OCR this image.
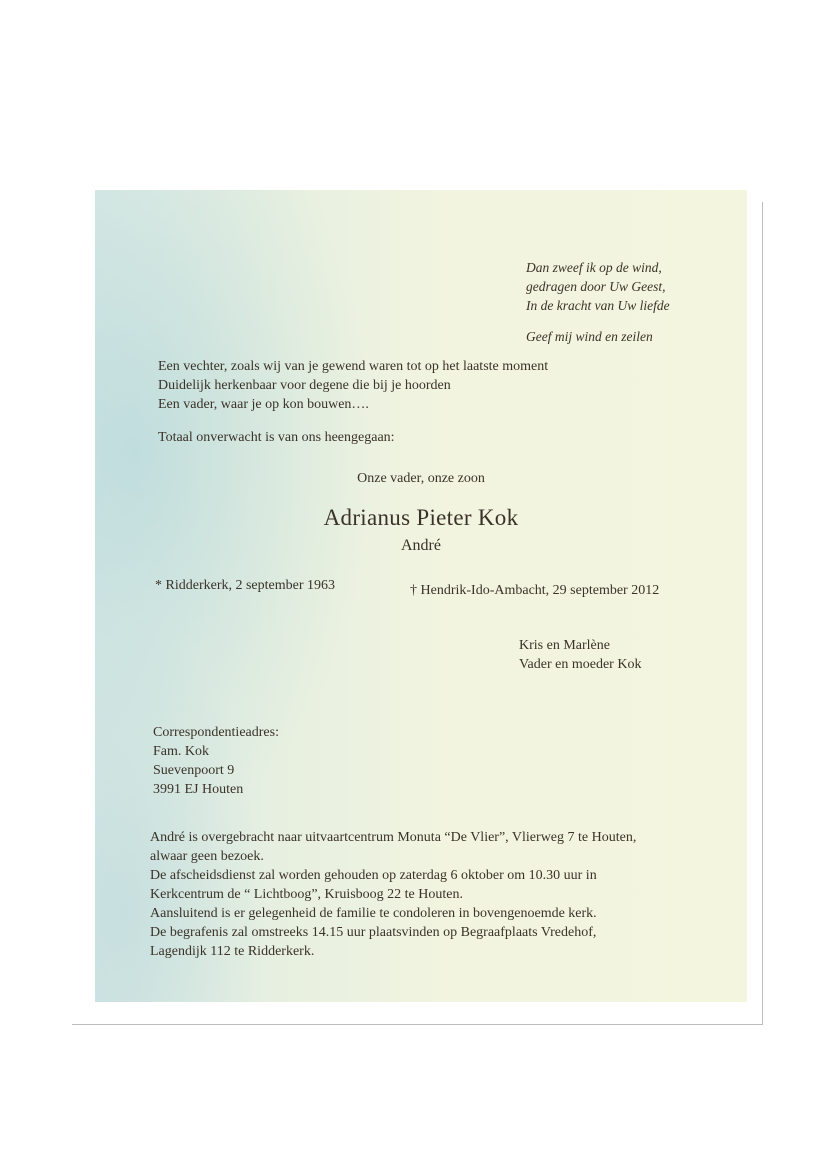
Dan zweef ik op de wind,
gedragen door Uw Geest,
In de kracht van Uw liefde
Geef mij wind en zeilen
Een vechter, zoals wij van je gewend waren tot op het laatste moment
Duidelijk herkenbaar voor degene die bij je hoorden
Een vader, waar je op kon bouwen….
Totaal onverwacht is van ons heengegaan:
Onze vader, onze zoon
Adrianus Pieter Kok
André
* Ridderkerk, 2 september 1963	† Hendrik-Ido-Ambacht, 29 september 2012
Kris en Marlène
Vader en moeder Kok
Correspondentieadres:
Fam. Kok
Suevenpoort 9
3991 EJ Houten
André is overgebracht naar uitvaartcentrum Monuta “De Vlier”, Vlierweg 7 te Houten,
alwaar geen bezoek.
De afscheidsdienst zal worden gehouden op zaterdag 6 oktober om 10.30 uur in
Kerkcentrum de “ Lichtboog”, Kruisboog 22 te Houten.
Aansluitend is er gelegenheid de familie te condoleren in bovengenoemde kerk.
De begrafenis zal omstreeks 14.15 uur plaatsvinden op Begraafplaats Vredehof,
Lagendijk 112 te Ridderkerk.
